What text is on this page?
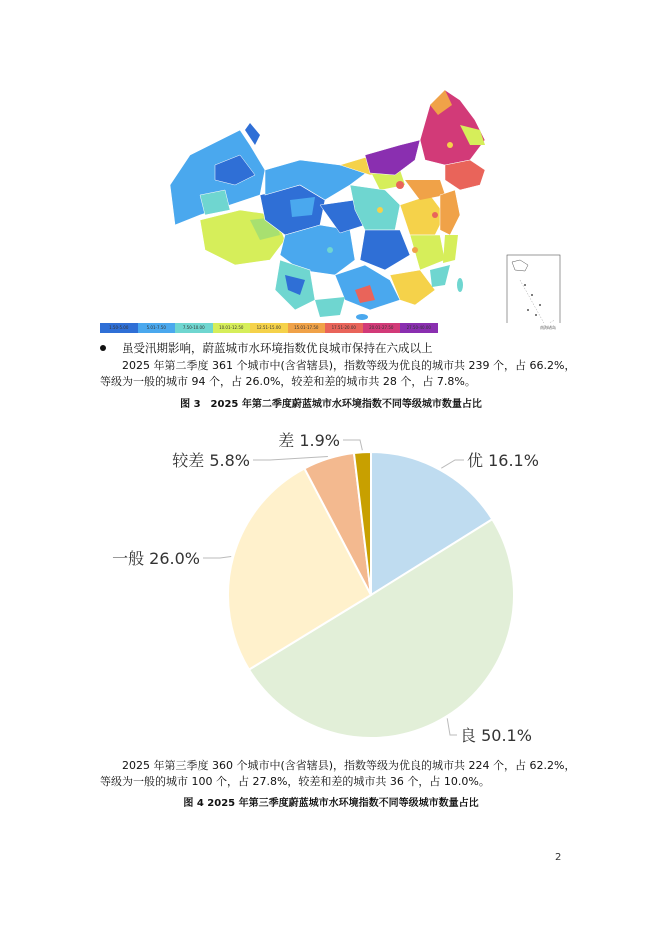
1.50-5.00	5.01-7.50	7.50-10.00	10.01-12.50	12.51-15.00	15.01-17.50	17.51-20.00	20.01-27.50	27.50-40.00	南海诸岛
虽受汛期影响，蔚蓝城市水环境指数优良城市保持在六成以上
2025 年第二季度 361 个城市中(含省辖县)，指数等级为优良的城市共 239 个，占 66.2%，
等级为一般的城市 94 个，占 26.0%，较差和差的城市共 28 个，占 7.8%。
图 3　2025 年第二季度蔚蓝城市水环境指数不同等级城市数量占比
优 16.1%
良 50.1%
一般 26.0%
较差 5.8%
差 1.9%
2025 年第三季度 360 个城市中(含省辖县)，指数等级为优良的城市共 224 个，占 62.2%，
等级为一般的城市 100 个，占 27.8%，较差和差的城市共 36 个，占 10.0%。
图 4 2025 年第三季度蔚蓝城市水环境指数不同等级城市数量占比
2
